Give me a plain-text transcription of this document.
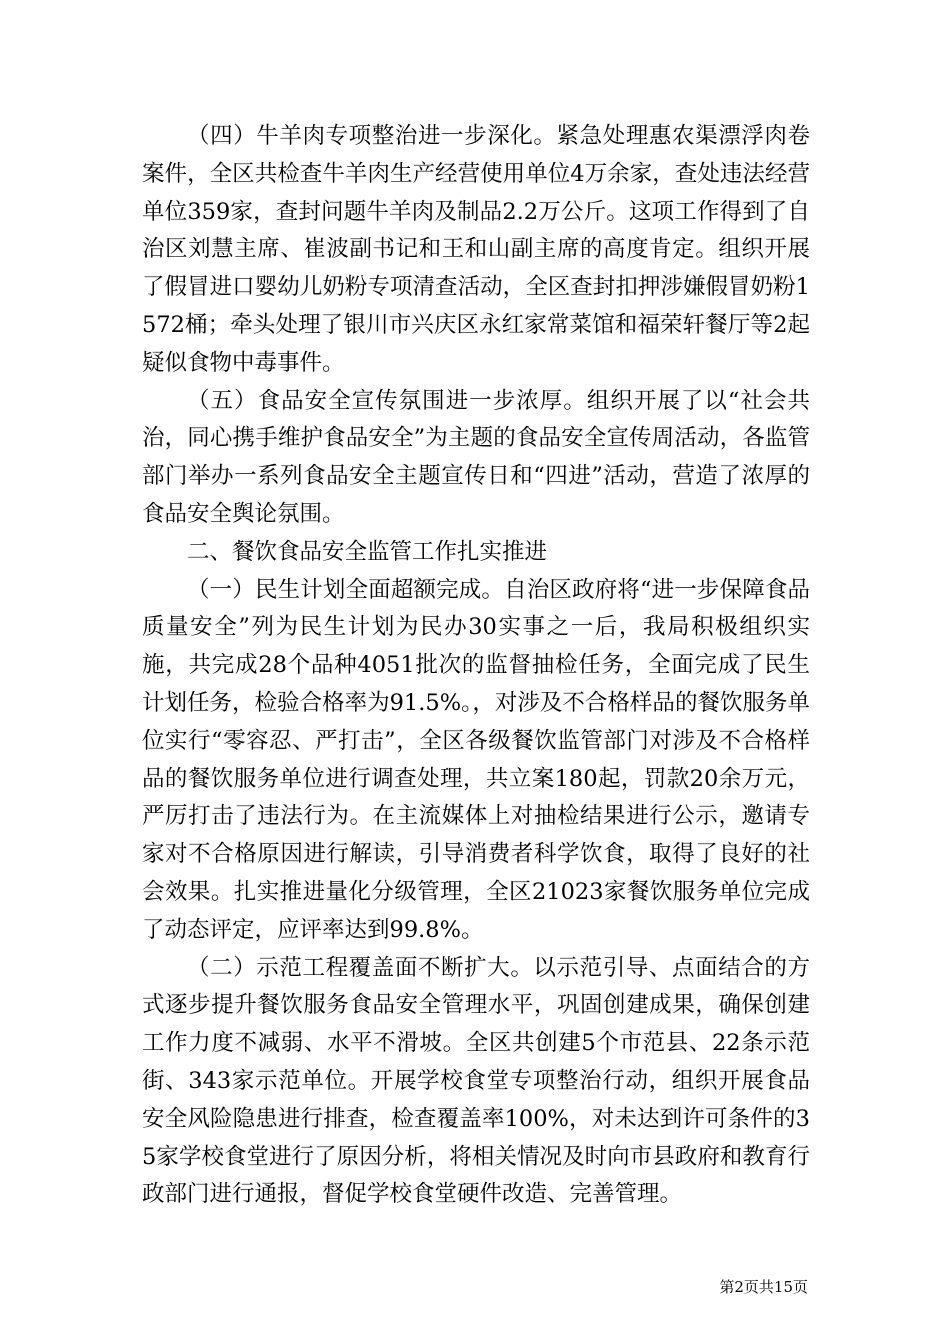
（四）牛羊肉专项整治进一步深化。紧急处理惠农渠漂浮肉卷案件，全区共检查牛羊肉生产经营使用单位4万余家，查处违法经营单位359家，查封问题牛羊肉及制品2.2万公斤。这项工作得到了自治区刘慧主席、崔波副书记和王和山副主席的高度肯定。组织开展了假冒进口婴幼儿奶粉专项清查活动，全区查封扣押涉嫌假冒奶粉1572桶；牵头处理了银川市兴庆区永红家常菜馆和福荣轩餐厅等2起疑似食物中毒事件。

（五）食品安全宣传氛围进一步浓厚。组织开展了以“社会共治，同心携手维护食品安全”为主题的食品安全宣传周活动，各监管部门举办一系列食品安全主题宣传日和“四进”活动，营造了浓厚的食品安全舆论氛围。

二、餐饮食品安全监管工作扎实推进

（一）民生计划全面超额完成。自治区政府将“进一步保障食品质量安全”列为民生计划为民办30实事之一后，我局积极组织实施，共完成28个品种4051批次的监督抽检任务，全面完成了民生计划任务，检验合格率为91.5%。，对涉及不合格样品的餐饮服务单位实行“零容忍、严打击”，全区各级餐饮监管部门对涉及不合格样品的餐饮服务单位进行调查处理，共立案180起，罚款20余万元，严厉打击了违法行为。在主流媒体上对抽检结果进行公示，邀请专家对不合格原因进行解读，引导消费者科学饮食，取得了良好的社会效果。扎实推进量化分级管理，全区21023家餐饮服务单位完成了动态评定，应评率达到99.8%。

（二）示范工程覆盖面不断扩大。以示范引导、点面结合的方式逐步提升餐饮服务食品安全管理水平，巩固创建成果，确保创建工作力度不减弱、水平不滑坡。全区共创建5个市范县、22条示范街、343家示范单位。开展学校食堂专项整治行动，组织开展食品安全风险隐患进行排查，检查覆盖率100%，对未达到许可条件的35家学校食堂进行了原因分析，将相关情况及时向市县政府和教育行政部门进行通报，督促学校食堂硬件改造、完善管理。

第2页共15页
